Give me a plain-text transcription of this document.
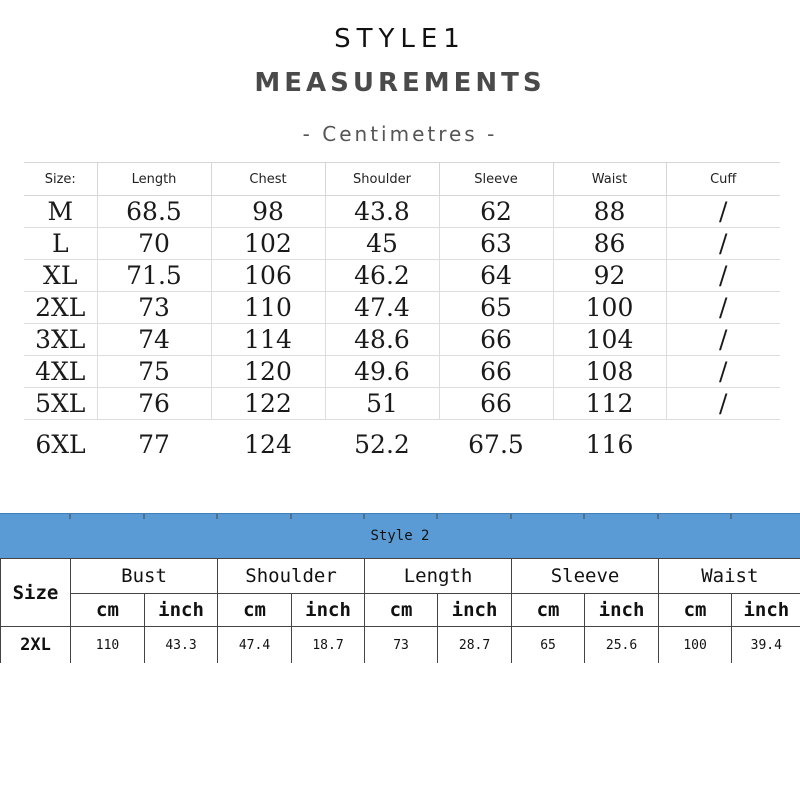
STYLE1
MEASUREMENTS
- Centimetres -
Size:	Length	Chest	Shoulder	Sleeve	Waist	Cuff
M	68.5	98	43.8	62	88	/
L	70	102	45	63	86	/
XL	71.5	106	46.2	64	92	/
2XL	73	110	47.4	65	100	/
3XL	74	114	48.6	66	104	/
4XL	75	120	49.6	66	108	/
5XL	76	122	51	66	112	/
6XL	77	124	52.2	67.5	116	
Style 2
Size	Bust		Shoulder		Length		Sleeve		Waist	
	cm	inch	cm	inch	cm	inch	cm	inch	cm	inch
2XL	110	43.3	47.4	18.7	73	28.7	65	25.6	100	39.4
